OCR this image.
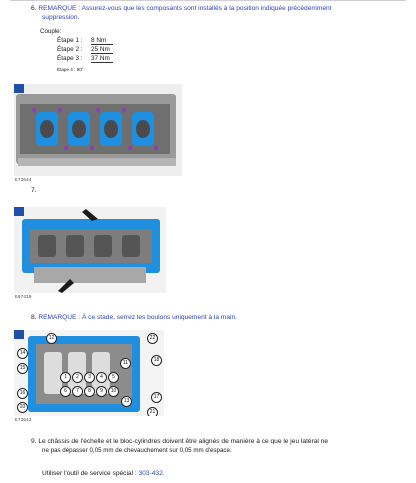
6. REMARQUE : Assurez-vous que les composants sont installés à la position indiquée précédemment
suppression.
Couple:
Étape 1 : 8 Nm
Étape 2 : 25 Nm
Étape 3 : 37 Nm
Étape 4 : 90°
E73644
7.
E67419
8. REMARQUE : À ce stade, serrez les boulons uniquement à la main.
12	22
14
18
15
16
17
20
13
21
1	2	3	4	5
6	7	8	9	10
11
E73643
9. Le châssis de l'échelle et le bloc-cylindres doivent être alignés de manière à ce que le jeu latéral ne
ne pas dépasser 0,05 mm de chevauchement sur 0,05 mm d'espace.
Utiliser l'outil de service spécial : 303-432.
